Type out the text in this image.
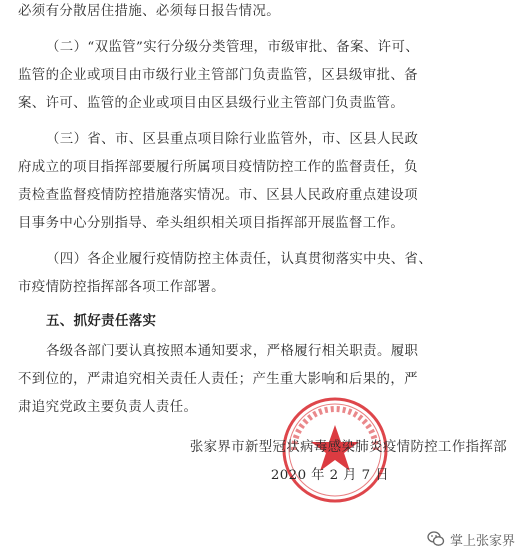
必须有分散居住措施、必须每日报告情况。
（二）“双监管”实行分级分类管理，市级审批、备案、许可、
监管的企业或项目由市级行业主管部门负责监管，区县级审批、备
案、许可、监管的企业或项目由区县级行业主管部门负责监管。
（三）省、市、区县重点项目除行业监管外，市、区县人民政
府成立的项目指挥部要履行所属项目疫情防控工作的监督责任，负
责检查监督疫情防控措施落实情况。市、区县人民政府重点建设项
目事务中心分别指导、牵头组织相关项目指挥部开展监督工作。
（四）各企业履行疫情防控主体责任，认真贯彻落实中央、省、
市疫情防控指挥部各项工作部署。
五、抓好责任落实
各级各部门要认真按照本通知要求，严格履行相关职责。履职
不到位的，严肃追究相关责任人责任；产生重大影响和后果的，严
肃追究党政主要负责人责任。
张家界市新型冠状病毒感染肺炎疫情防控工作指挥部
2020 年 2 月 7 日
掌上张家界
